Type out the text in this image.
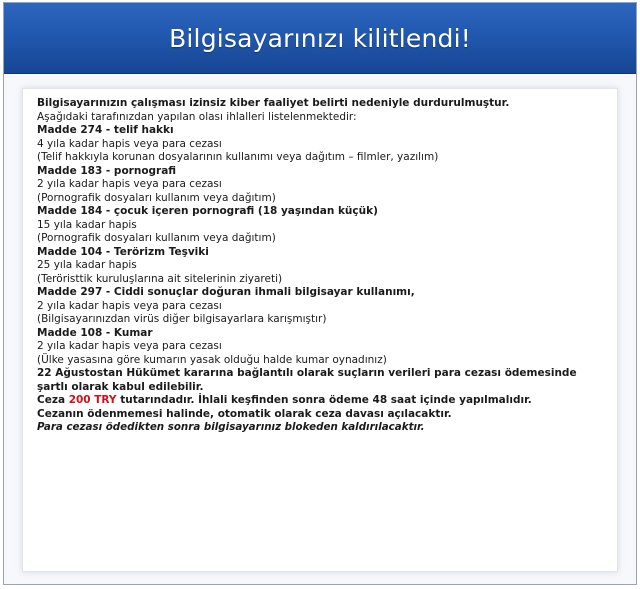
Bilgisayarınızı kilitlendi!
Bilgisayarınızın çalışması izinsiz kiber faaliyet belirti nedeniyle durdurulmuştur.
Aşağıdaki tarafınızdan yapılan olası ihlalleri listelenmektedir:
Madde 274 - telif hakkı
4 yıla kadar hapis veya para cezası
(Telif hakkıyla korunan dosyalarının kullanımı veya dağıtım – filmler, yazılım)
Madde 183 - pornografi
2 yıla kadar hapis veya para cezası
(Pornografik dosyaları kullanım veya dağıtım)
Madde 184 - çocuk içeren pornografi (18 yaşından küçük)
15 yıla kadar hapis
(Pornografik dosyaları kullanım veya dağıtım)
Madde 104 - Terörizm Teşviki
25 yıla kadar hapis
(Teröristtik kuruluşlarına ait sitelerinin ziyareti)
Madde 297 - Ciddi sonuçlar doğuran ihmali bilgisayar kullanımı,
2 yıla kadar hapis veya para cezası
(Bilgisayarınızdan virüs diğer bilgisayarlara karışmıştır)
Madde 108 - Kumar
2 yıla kadar hapis veya para cezası
(Ülke yasasına göre kumarın yasak olduğu halde kumar oynadınız)
22 Ağustostan Hükümet kararına bağlantılı olarak suçların verileri para cezası ödemesinde
şartlı olarak kabul edilebilir.
Ceza 200 TRY tutarındadır. İhlali keşfinden sonra ödeme 48 saat içinde yapılmalıdır.
Cezanın ödenmemesi halinde, otomatik olarak ceza davası açılacaktır.
Para cezası ödedikten sonra bilgisayarınız blokeden kaldırılacaktır.
